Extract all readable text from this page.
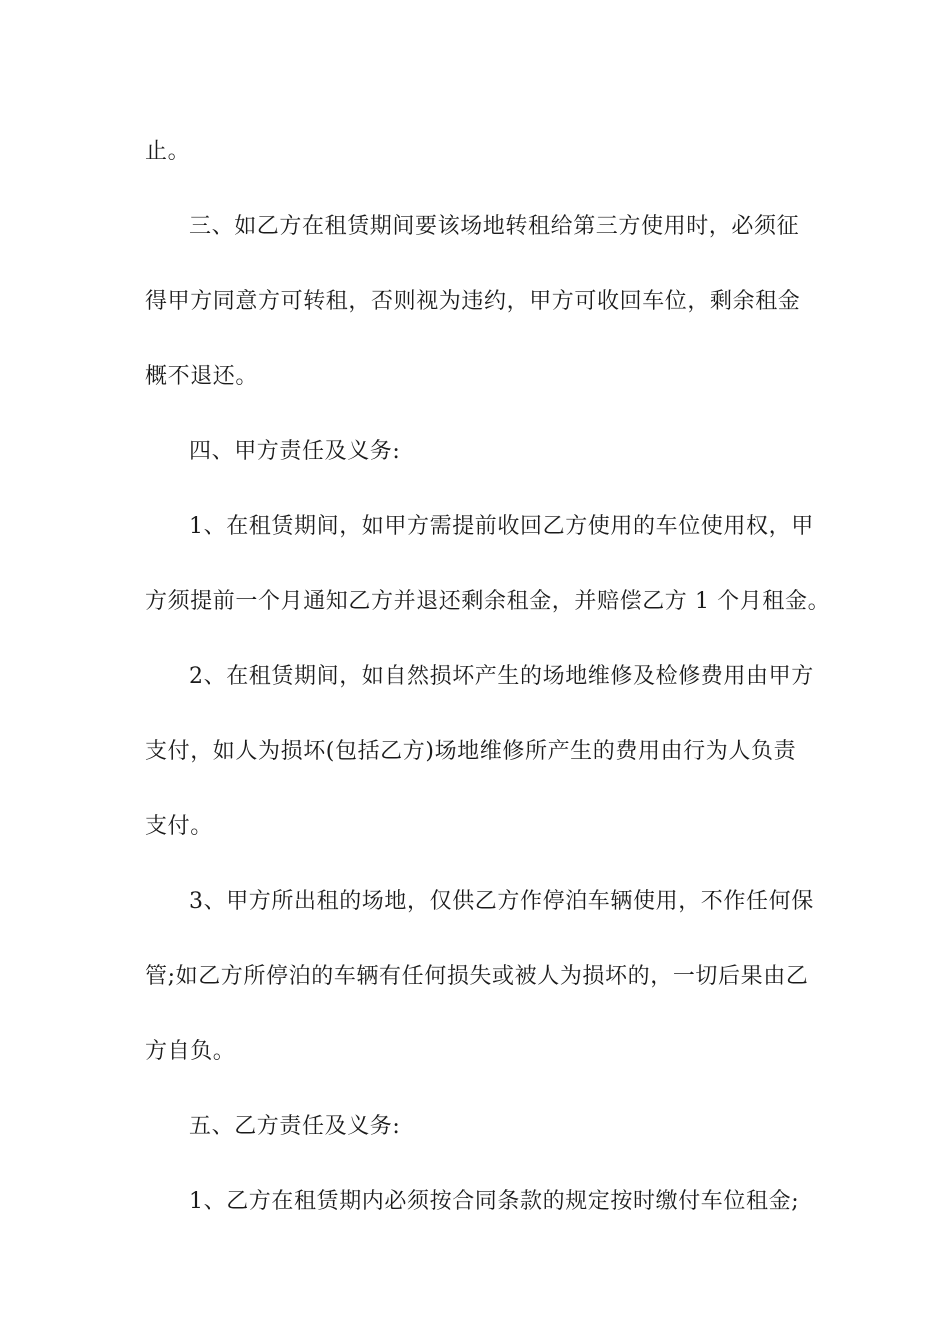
止。
三、如乙方在租赁期间要该场地转租给第三方使用时，必须征
得甲方同意方可转租，否则视为违约，甲方可收回车位，剩余租金
概不退还。
四、甲方责任及义务:
1、在租赁期间，如甲方需提前收回乙方使用的车位使用权，甲
方须提前一个月通知乙方并退还剩余租金，并赔偿乙方 1 个月租金。
2、在租赁期间，如自然损坏产生的场地维修及检修费用由甲方
支付，如人为损坏(包括乙方)场地维修所产生的费用由行为人负责
支付。
3、甲方所出租的场地，仅供乙方作停泊车辆使用，不作任何保
管;如乙方所停泊的车辆有任何损失或被人为损坏的，一切后果由乙
方自负。
五、乙方责任及义务:
1、乙方在租赁期内必须按合同条款的规定按时缴付车位租金;
